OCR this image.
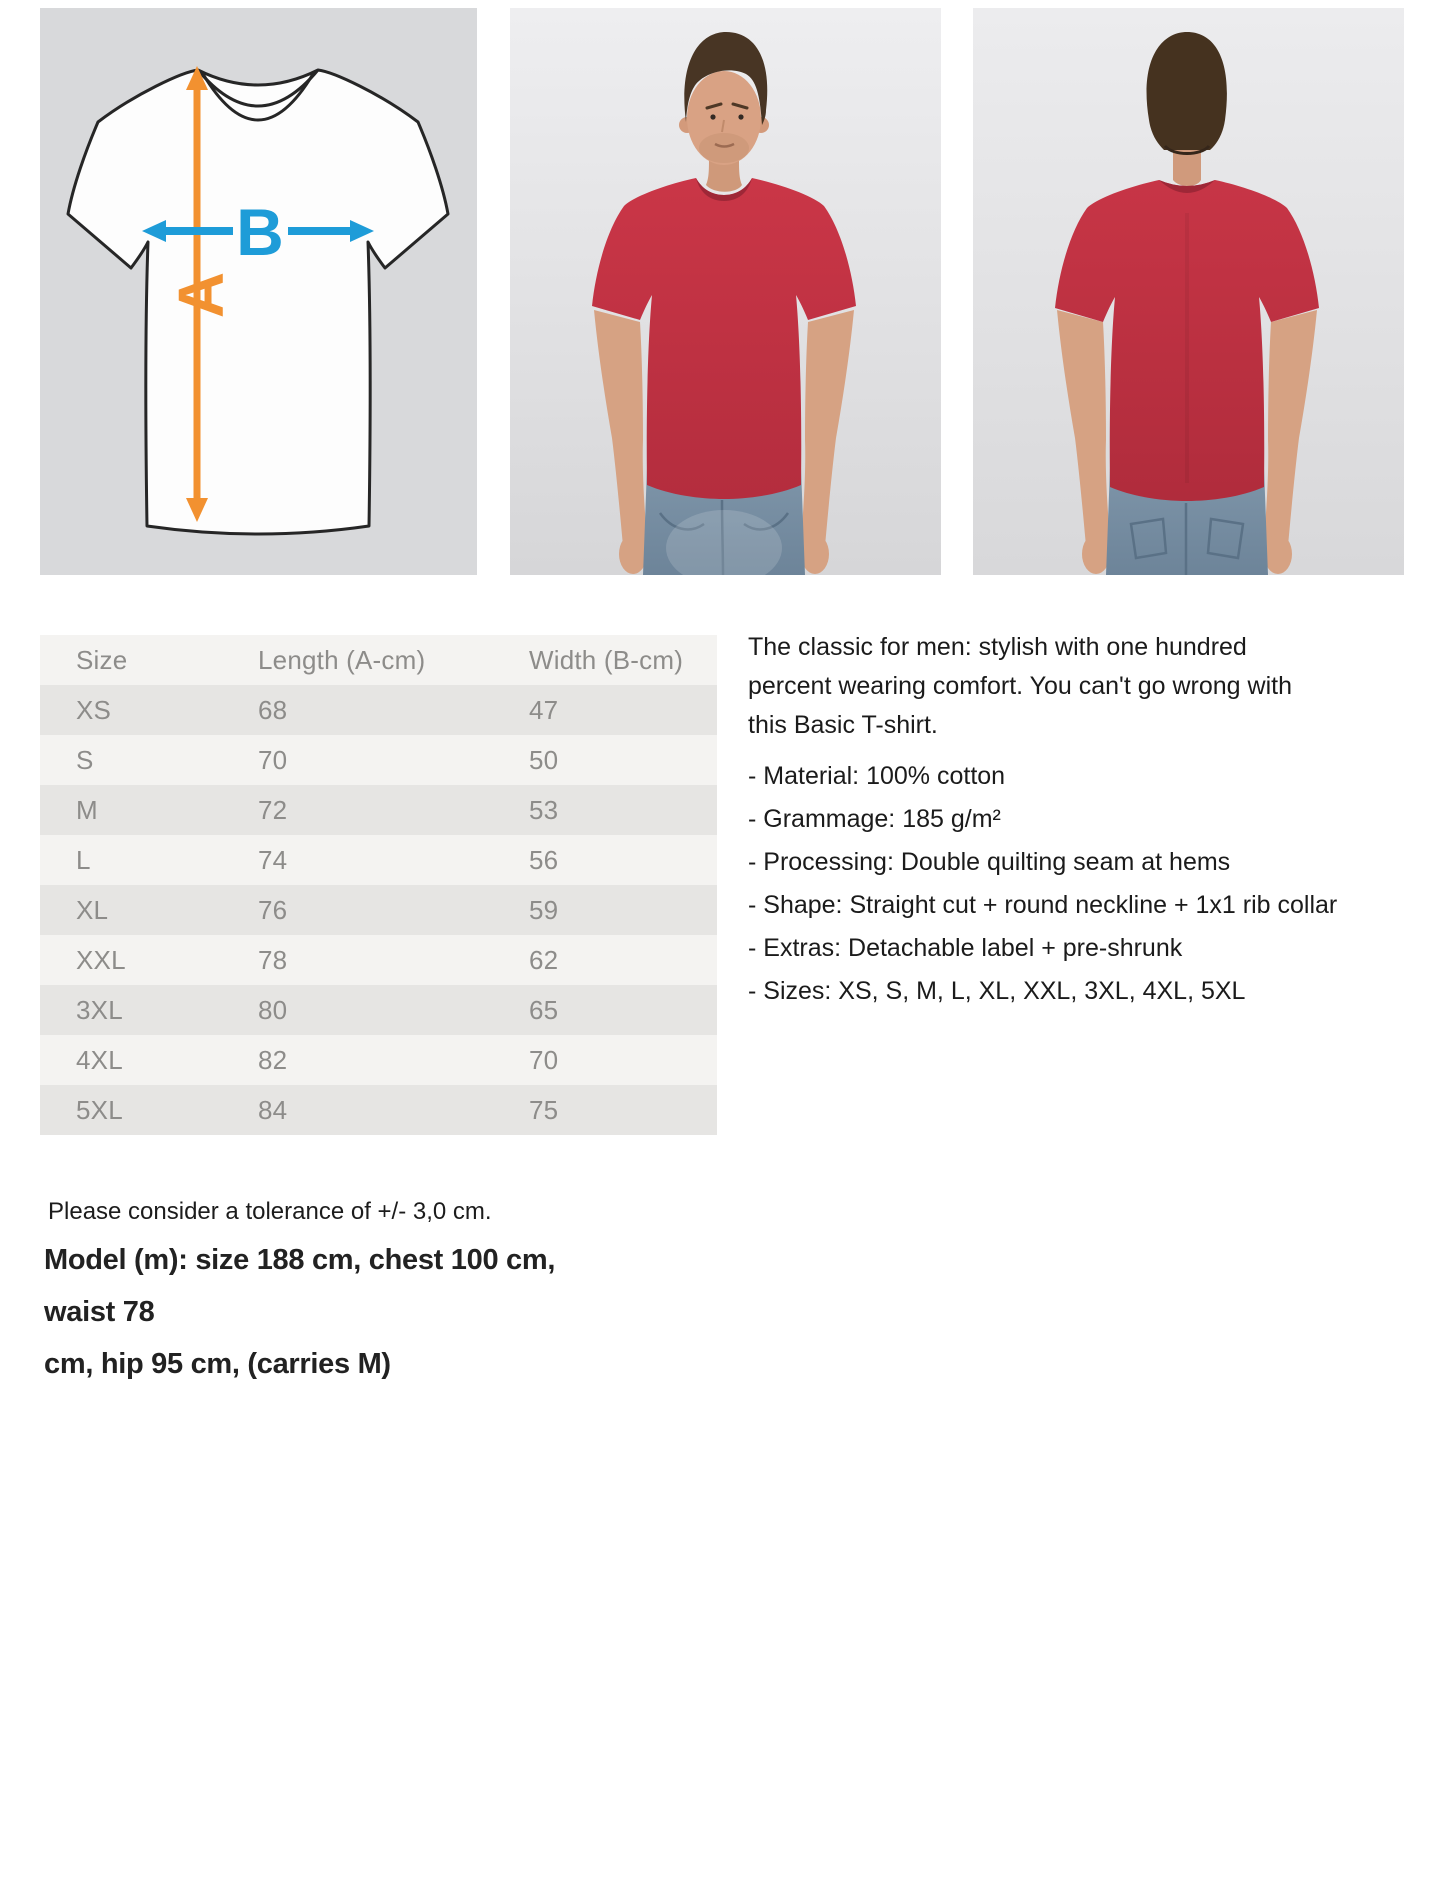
A
B
Size	Length (A-cm)	Width (B-cm)
XS	68	47
S	70	50
M	72	53
L	74	56
XL	76	59
XXL	78	62
3XL	80	65
4XL	82	70
5XL	84	75
The classic for men: stylish with one hundred
percent wearing comfort. You can't go wrong with
this Basic T-shirt.
- Material: 100% cotton
- Grammage: 185 g/m²
- Processing: Double quilting seam at hems
- Shape: Straight cut + round neckline + 1x1 rib collar
- Extras: Detachable label + pre-shrunk
- Sizes: XS, S, M, L, XL, XXL, 3XL, 4XL, 5XL
Please consider a tolerance of +/- 3,0 cm.
Model (m): size 188 cm, chest 100 cm, waist 78
cm, hip 95 cm, (carries M)
